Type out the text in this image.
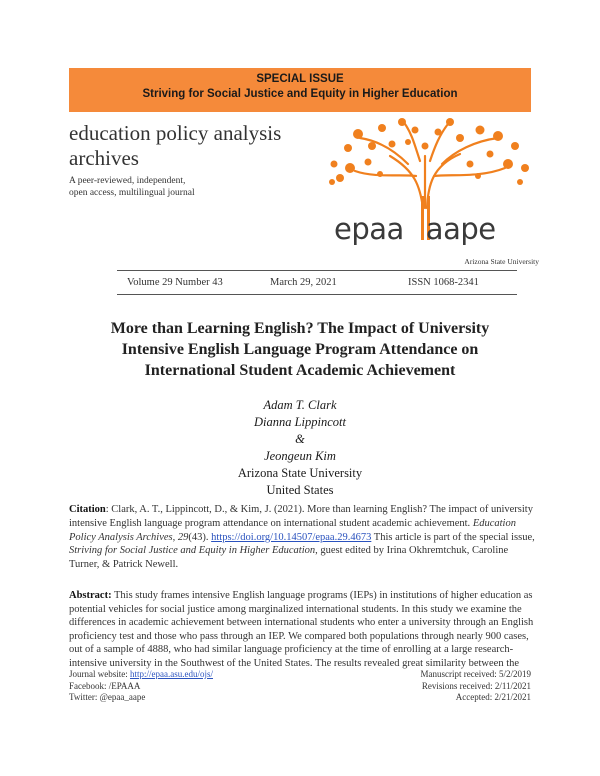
SPECIAL ISSUE
Striving for Social Justice and Equity in Higher Education
education policy analysis
archives
A peer-reviewed, independent,
open access, multilingual journal
epaa aape
Arizona State University
Volume 29 Number 43	March 29, 2021	ISSN 1068-2341
More than Learning English? The Impact of University
Intensive English Language Program Attendance on
International Student Academic Achievement
Adam T. Clark
Dianna Lippincott
&
Jeongeun Kim
Arizona State University
United States
Citation: Clark, A. T., Lippincott, D., & Kim, J. (2021). More than learning English? The impact of university intensive English language program attendance on international student academic achievement. Education Policy Analysis Archives, 29(43). https://doi.org/10.14507/epaa.29.4673 This article is part of the special issue, Striving for Social Justice and Equity in Higher Education, guest edited by Irina Okhremtchuk, Caroline Turner, & Patrick Newell.
Abstract: This study frames intensive English language programs (IEPs) in institutions of higher education as potential vehicles for social justice among marginalized international students. In this study we examine the differences in academic achievement between international students who enter a university through an English proficiency test and those who pass through an IEP. We compared both populations through nearly 900 cases, out of a sample of 4888, who had similar language proficiency at the time of enrolling at a large research-intensive university in the Southwest of the United States. The results revealed great similarity between the
Journal website: http://epaa.asu.edu/ojs/
Facebook: /EPAAA
Twitter: @epaa_aape
Manuscript received: 5/2/2019
Revisions received: 2/11/2021
Accepted: 2/21/2021
